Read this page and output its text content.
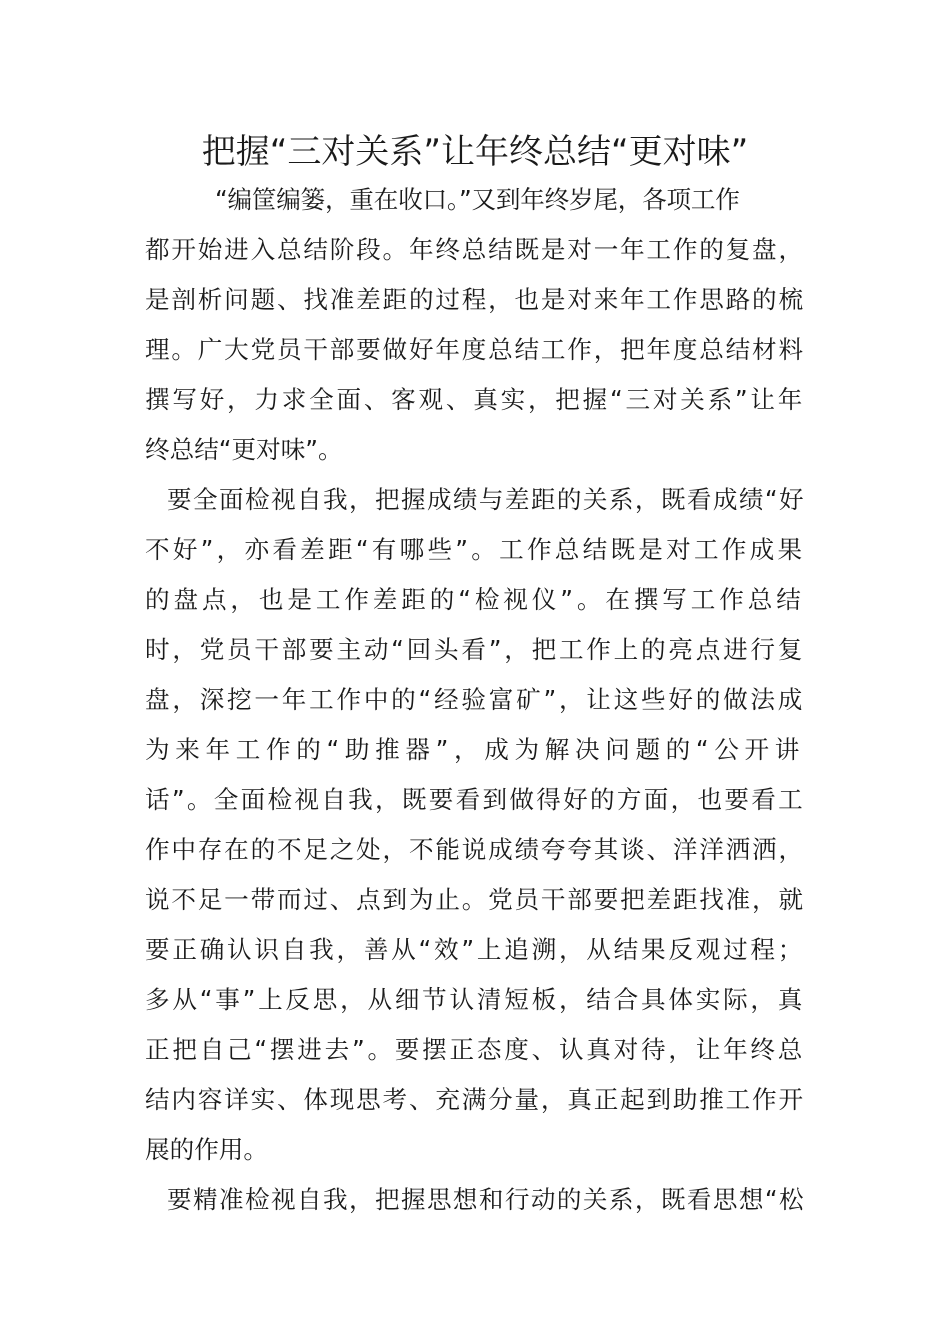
把握“三对关系”让年终总结“更对味”
“编筐编篓，重在收口。”又到年终岁尾，各项工作
都开始进入总结阶段。年终总结既是对一年工作的复盘，
是剖析问题、找准差距的过程，也是对来年工作思路的梳
理。广大党员干部要做好年度总结工作，把年度总结材料
撰写好，力求全面、客观、真实，把握“三对关系”让年
终总结“更对味”。
要全面检视自我，把握成绩与差距的关系，既看成绩“好
不好”，亦看差距“有哪些”。工作总结既是对工作成果
的盘点，也是工作差距的“检视仪”。在撰写工作总结
时，党员干部要主动“回头看”，把工作上的亮点进行复
盘，深挖一年工作中的“经验富矿”，让这些好的做法成
为来年工作的“助推器”，成为解决问题的“公开讲
话”。全面检视自我，既要看到做得好的方面，也要看工
作中存在的不足之处，不能说成绩夸夸其谈、洋洋洒洒，
说不足一带而过、点到为止。党员干部要把差距找准，就
要正确认识自我，善从“效”上追溯，从结果反观过程；
多从“事”上反思，从细节认清短板，结合具体实际，真
正把自己“摆进去”。要摆正态度、认真对待，让年终总
结内容详实、体现思考、充满分量，真正起到助推工作开
展的作用。
要精准检视自我，把握思想和行动的关系，既看思想“松
